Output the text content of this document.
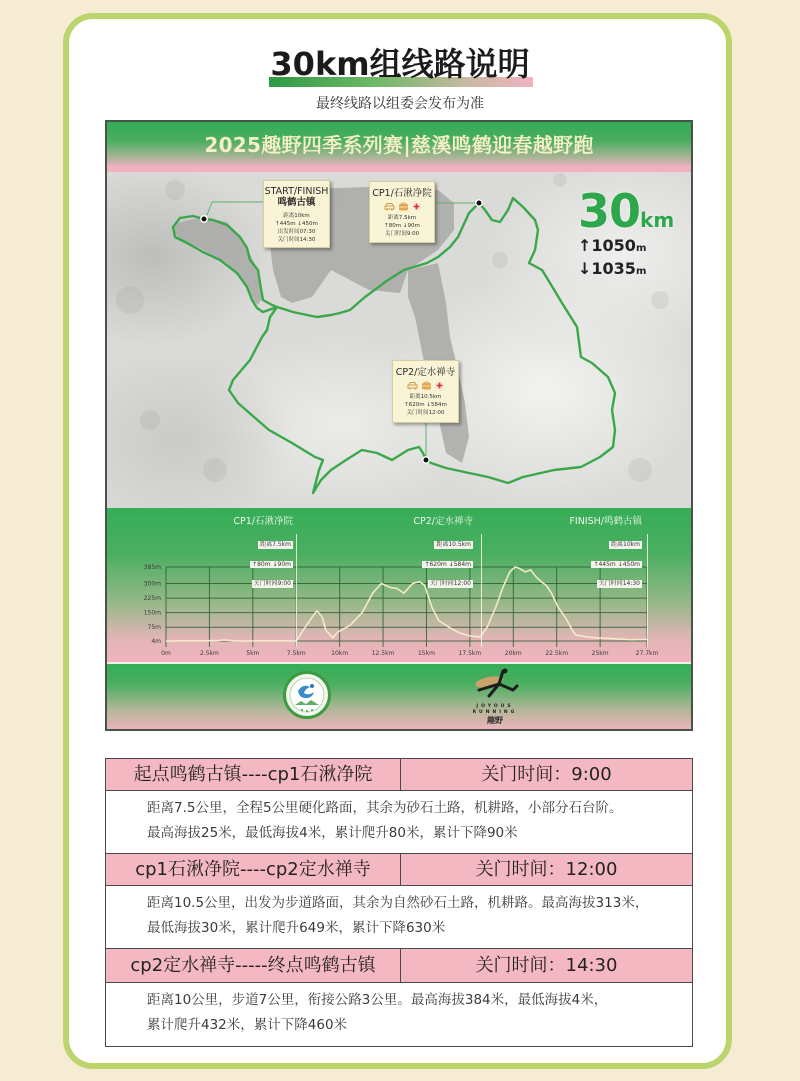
30km组线路说明
最终线路以组委会发布为准
2025趣野四季系列赛|慈溪鸣鹤迎春越野跑
START/FINISH
鸣鹤古镇
距离10km
↑445m ↓450m
出发时间07:30
关门时间14:30
CP1/石湫净院
距离7.5km
↑80m ↓90m
关门时间9:00
CP2/定水禅寺
距离10.5km
↑620m ↓584m
关门时间12:00
30km
↑1050m
↓1035m
4m
75m
150m
225m
300m
385m
0m	2.5km	5km	7.5km	10km	12.5km	15km	17.5km	20km	22.5km	25km	27.7km
CP1/石湫净院
距离7.5km
↑80m ↓90m
关门时间9:00
CP2/定水禅寺
距离10.5km
↑620m ↓584m
关门时间12:00
FINISH/鸣鹤古镇
距离10km
↑445m ↓450m
关门时间14:30
JOYOUS
RUNNING
趣野
起点鸣鹤古镇----cp1石湫净院	关门时间：9:00
距离7.5公里，全程5公里硬化路面，其余为砂石土路，机耕路，小部分石台阶。
最高海拔25米，最低海拔4米，累计爬升80米，累计下降90米
cp1石湫净院----cp2定水禅寺	关门时间：12:00
距离10.5公里，出发为步道路面，其余为自然砂石土路，机耕路。最高海拔313米，
最低海拔30米，累计爬升649米，累计下降630米
cp2定水禅寺-----终点鸣鹤古镇	关门时间：14:30
距离10公里，步道7公里，衔接公路3公里。最高海拔384米，最低海拔4米，
累计爬升432米，累计下降460米
